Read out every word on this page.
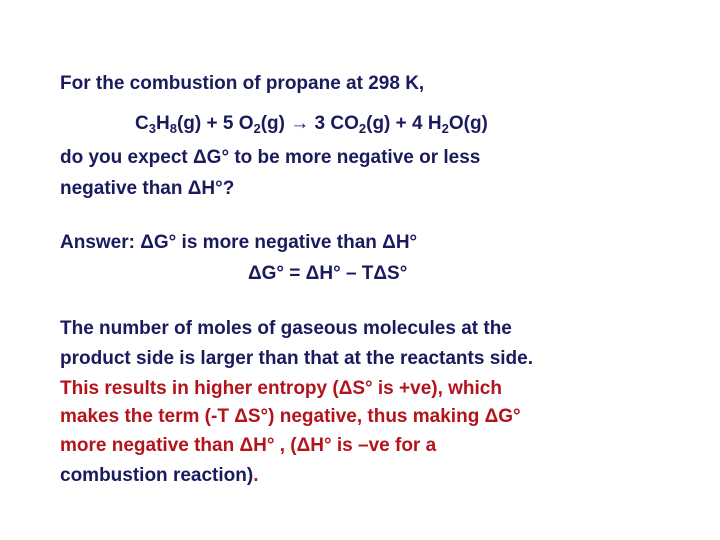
For the combustion of propane at 298 K,
$C_3H_8(g) + 5$ $O_2(g) \to 3$ $CO_2(g) + 4$ $H_2O(g)$
do you expect ΔG° to be more negative or less
negative than ΔH°?
Answer: ΔG° is more negative than ΔH°
ΔG° = ΔH° – TΔS°
The number of moles of gaseous molecules at the
product side is larger than that at the reactants side.
This results in higher entropy (ΔS° is +ve), which
makes the term (-T ΔS°) negative, thus making ΔG°
more negative than ΔH° , (ΔH° is –ve for a
combustion reaction).
